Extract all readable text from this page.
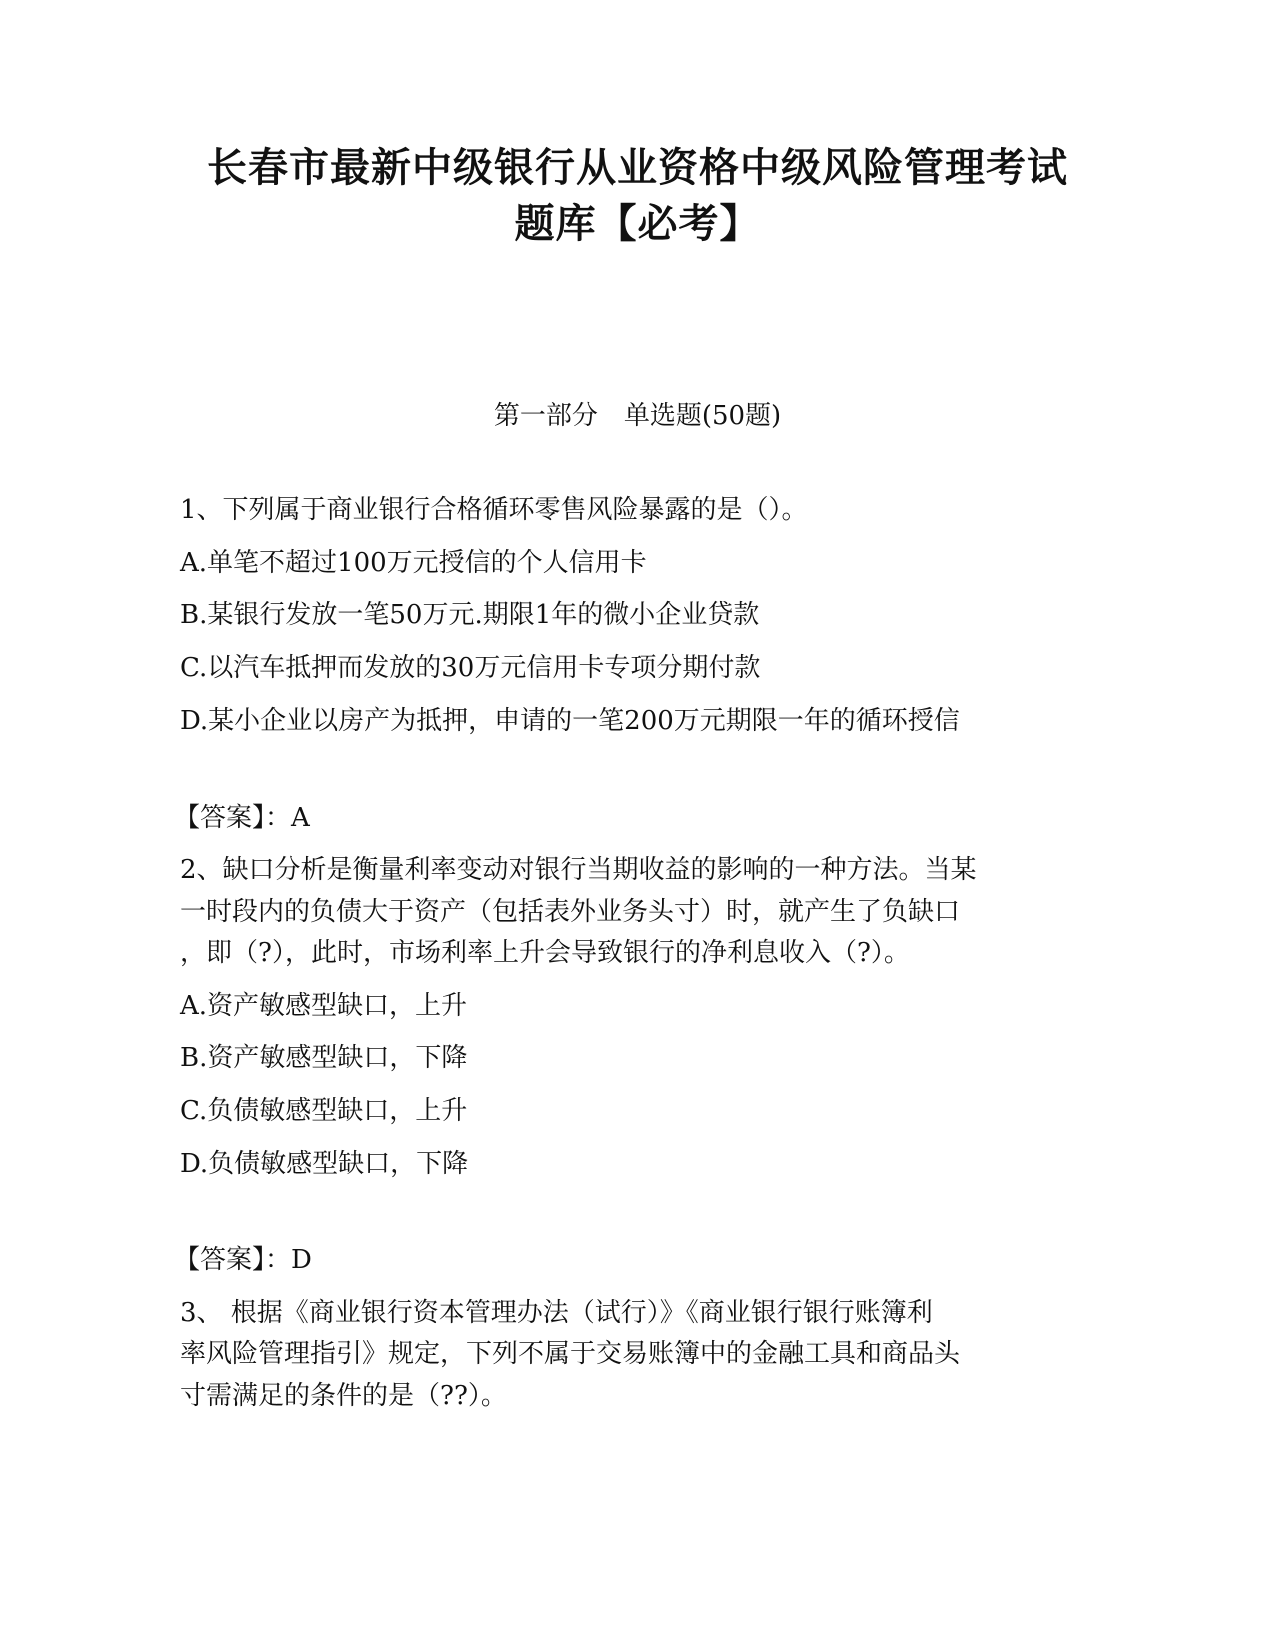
长春市最新中级银行从业资格中级风险管理考试
题库【必考】
第一部分　单选题(50题)
1、下列属于商业银行合格循环零售风险暴露的是（）。
A.单笔不超过100万元授信的个人信用卡
B.某银行发放一笔50万元.期限1年的微小企业贷款
C.以汽车抵押而发放的30万元信用卡专项分期付款
D.某小企业以房产为抵押，申请的一笔200万元期限一年的循环授信
【答案】：A
2、缺口分析是衡量利率变动对银行当期收益的影响的一种方法。当某
一时段内的负债大于资产（包括表外业务头寸）时，就产生了负缺口
，即（?），此时，市场利率上升会导致银行的净利息收入（?）。
A.资产敏感型缺口，上升
B.资产敏感型缺口，下降
C.负债敏感型缺口，上升
D.负债敏感型缺口，下降
【答案】：D
3、 根据《商业银行资本管理办法（试行）》《商业银行银行账簿利
率风险管理指引》规定，下列不属于交易账簿中的金融工具和商品头
寸需满足的条件的是（??）。
